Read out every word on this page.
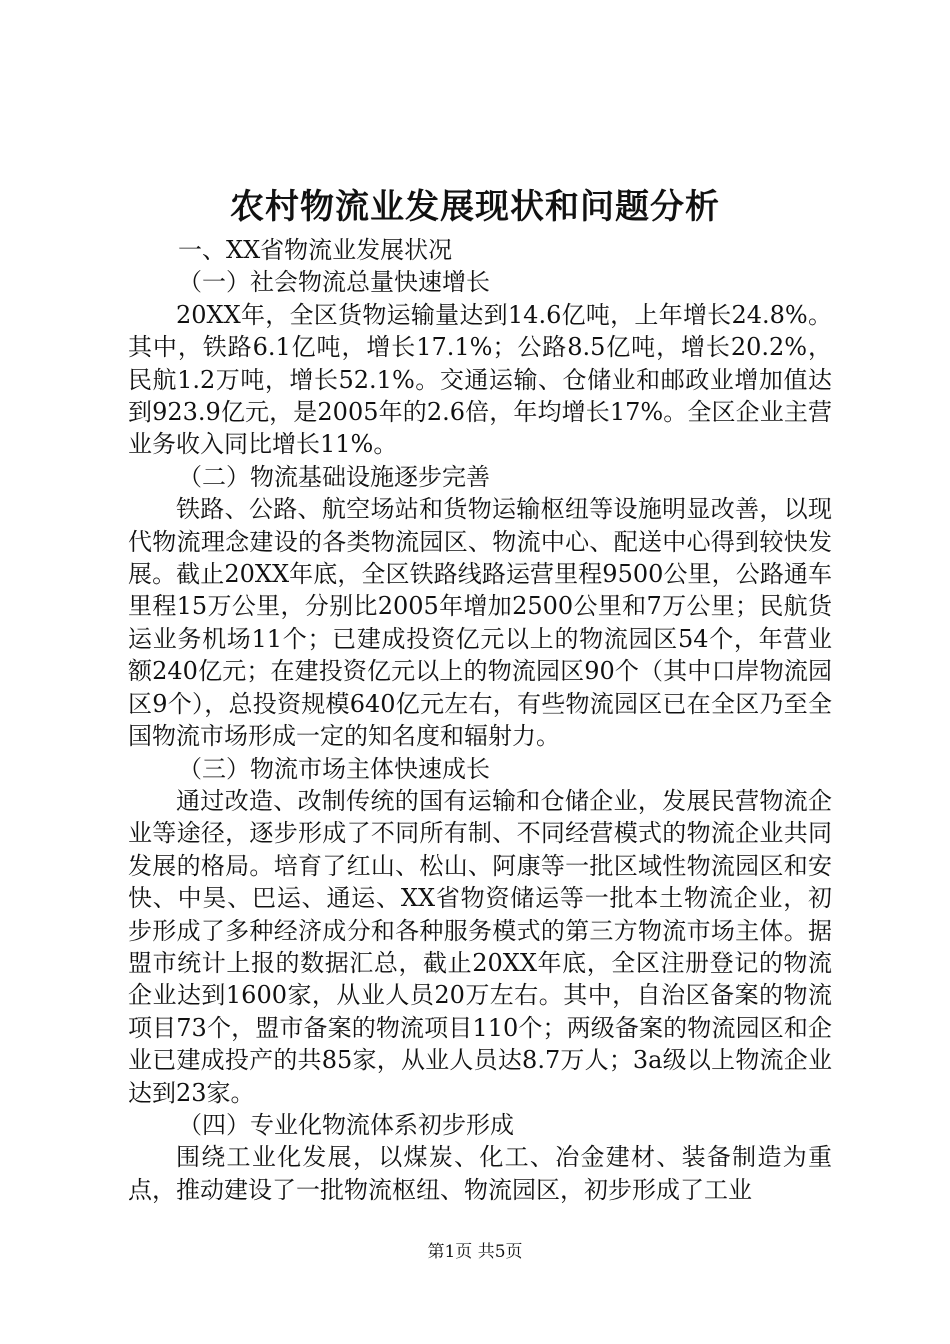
农村物流业发展现状和问题分析

一、XX省物流业发展状况

（一）社会物流总量快速增长

20XX年，全区货物运输量达到14.6亿吨，上年增长24.8%。其中，铁路6.1亿吨，增长17.1%；公路8.5亿吨，增长20.2%，民航1.2万吨，增长52.1%。交通运输、仓储业和邮政业增加值达到923.9亿元，是2005年的2.6倍，年均增长17%。全区企业主营业务收入同比增长11%。

（二）物流基础设施逐步完善

铁路、公路、航空场站和货物运输枢纽等设施明显改善，以现代物流理念建设的各类物流园区、物流中心、配送中心得到较快发展。截止20XX年底，全区铁路线路运营里程9500公里，公路通车里程15万公里，分别比2005年增加2500公里和7万公里；民航货运业务机场11个；已建成投资亿元以上的物流园区54个，年营业额240亿元；在建投资亿元以上的物流园区90个（其中口岸物流园区9个），总投资规模640亿元左右，有些物流园区已在全区乃至全国物流市场形成一定的知名度和辐射力。

（三）物流市场主体快速成长

通过改造、改制传统的国有运输和仓储企业，发展民营物流企业等途径，逐步形成了不同所有制、不同经营模式的物流企业共同发展的格局。培育了红山、松山、阿康等一批区域性物流园区和安快、中昊、巴运、通运、XX省物资储运等一批本土物流企业，初步形成了多种经济成分和各种服务模式的第三方物流市场主体。据盟市统计上报的数据汇总，截止20XX年底，全区注册登记的物流企业达到1600家，从业人员20万左右。其中，自治区备案的物流项目73个，盟市备案的物流项目110个；两级备案的物流园区和企业已建成投产的共85家，从业人员达8.7万人；3a级以上物流企业达到23家。

（四）专业化物流体系初步形成

围绕工业化发展，以煤炭、化工、冶金建材、装备制造为重点，推动建设了一批物流枢纽、物流园区，初步形成了工业

第1页 共5页
